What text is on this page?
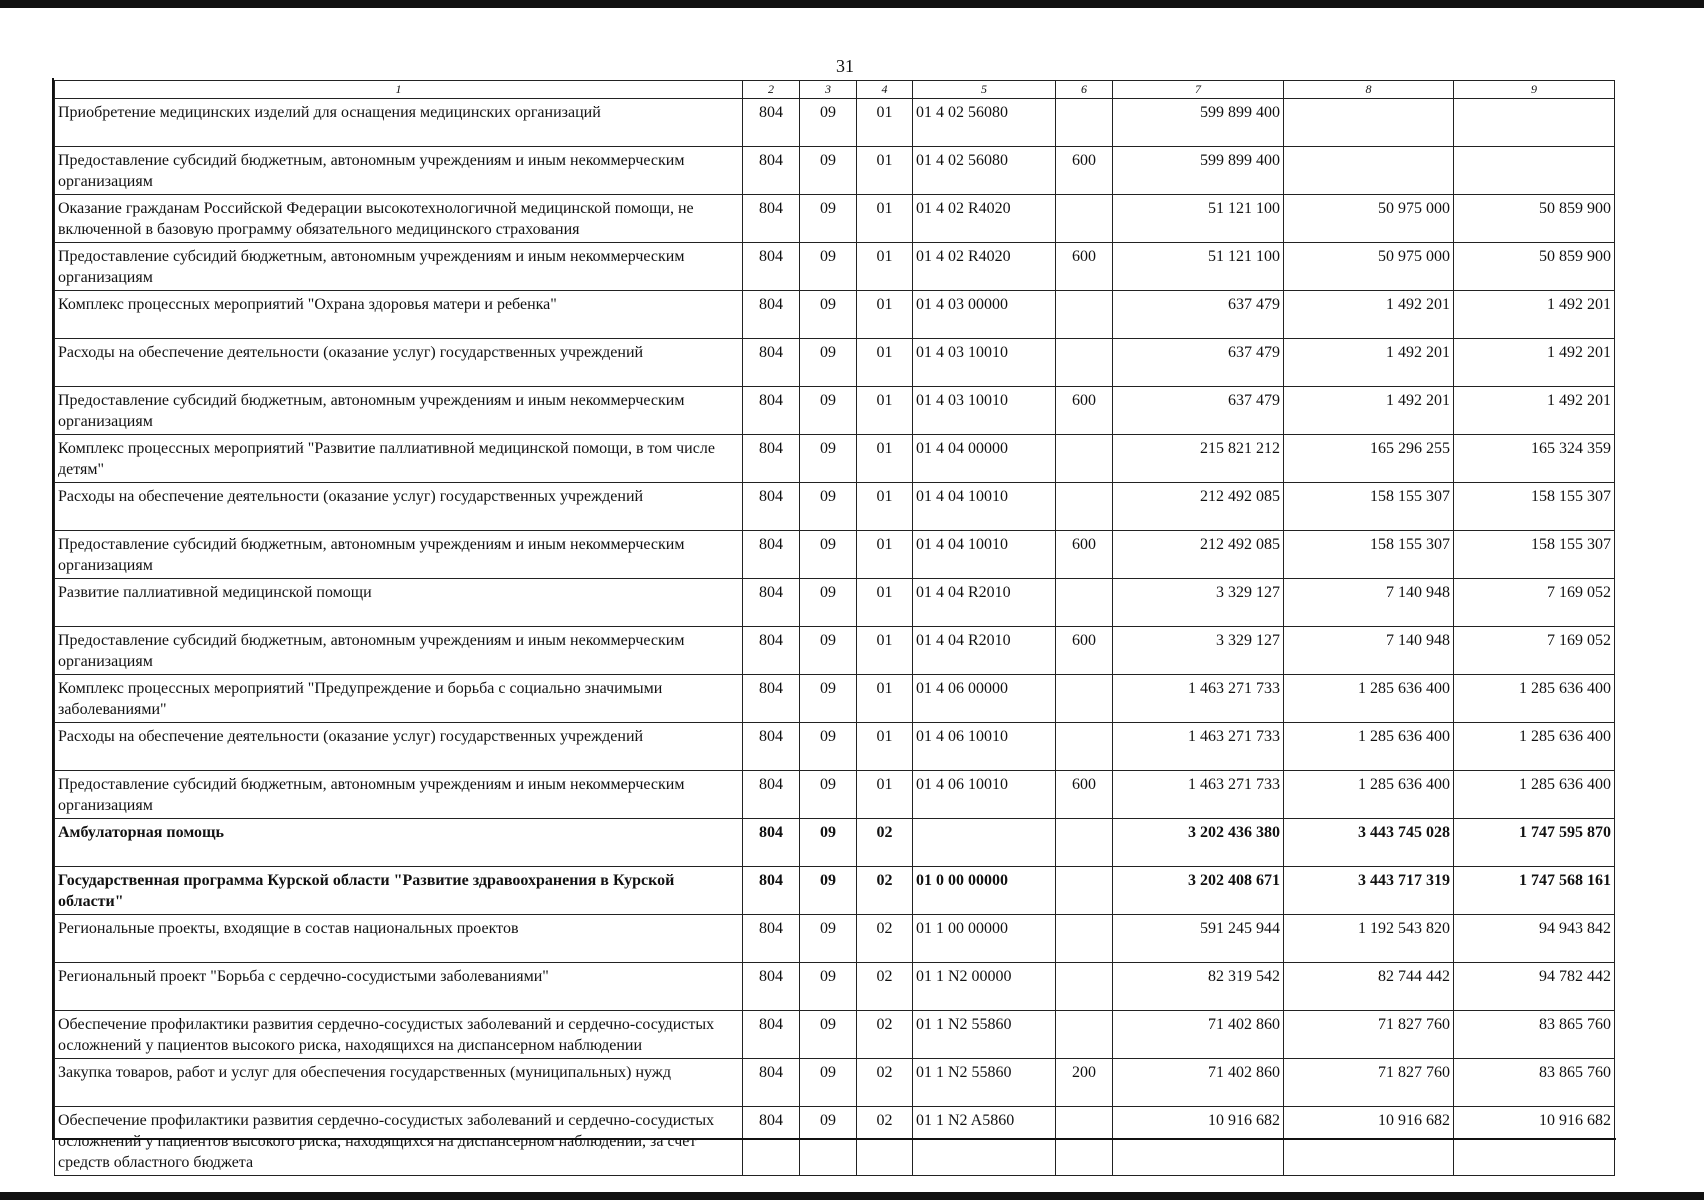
31
1	2	3	4	5	6	7	8	9
Приобретение медицинских изделий для оснащения медицинских организаций	804	09	01	01 4 02 56080		599 899 400		
Предоставление субсидий бюджетным, автономным учреждениям и иным некоммерческим организациям	804	09	01	01 4 02 56080	600	599 899 400		
Оказание гражданам Российской Федерации высокотехнологичной медицинской помощи, не включенной в базовую программу обязательного медицинского страхования	804	09	01	01 4 02 R4020		51 121 100	50 975 000	50 859 900
Предоставление субсидий бюджетным, автономным учреждениям и иным некоммерческим организациям	804	09	01	01 4 02 R4020	600	51 121 100	50 975 000	50 859 900
Комплекс процессных мероприятий "Охрана здоровья матери и ребенка"	804	09	01	01 4 03 00000		637 479	1 492 201	1 492 201
Расходы на обеспечение деятельности (оказание услуг) государственных учреждений	804	09	01	01 4 03 10010		637 479	1 492 201	1 492 201
Предоставление субсидий бюджетным, автономным учреждениям и иным некоммерческим организациям	804	09	01	01 4 03 10010	600	637 479	1 492 201	1 492 201
Комплекс процессных мероприятий "Развитие паллиативной медицинской помощи, в том числе детям"	804	09	01	01 4 04 00000		215 821 212	165 296 255	165 324 359
Расходы на обеспечение деятельности (оказание услуг) государственных учреждений	804	09	01	01 4 04 10010		212 492 085	158 155 307	158 155 307
Предоставление субсидий бюджетным, автономным учреждениям и иным некоммерческим организациям	804	09	01	01 4 04 10010	600	212 492 085	158 155 307	158 155 307
Развитие паллиативной медицинской помощи	804	09	01	01 4 04 R2010		3 329 127	7 140 948	7 169 052
Предоставление субсидий бюджетным, автономным учреждениям и иным некоммерческим организациям	804	09	01	01 4 04 R2010	600	3 329 127	7 140 948	7 169 052
Комплекс процессных мероприятий "Предупреждение и борьба с социально значимыми заболеваниями"	804	09	01	01 4 06 00000		1 463 271 733	1 285 636 400	1 285 636 400
Расходы на обеспечение деятельности (оказание услуг) государственных учреждений	804	09	01	01 4 06 10010		1 463 271 733	1 285 636 400	1 285 636 400
Предоставление субсидий бюджетным, автономным учреждениям и иным некоммерческим организациям	804	09	01	01 4 06 10010	600	1 463 271 733	1 285 636 400	1 285 636 400
Амбулаторная помощь	804	09	02			3 202 436 380	3 443 745 028	1 747 595 870
Государственная программа Курской области "Развитие здравоохранения в Курской области"	804	09	02	01 0 00 00000		3 202 408 671	3 443 717 319	1 747 568 161
Региональные проекты, входящие в состав национальных проектов	804	09	02	01 1 00 00000		591 245 944	1 192 543 820	94 943 842
Региональный проект "Борьба с сердечно-сосудистыми заболеваниями"	804	09	02	01 1 N2 00000		82 319 542	82 744 442	94 782 442
Обеспечение профилактики развития сердечно-сосудистых заболеваний и сердечно-сосудистых осложнений у пациентов высокого риска, находящихся на диспансерном наблюдении	804	09	02	01 1 N2 55860		71 402 860	71 827 760	83 865 760
Закупка товаров, работ и услуг для обеспечения государственных (муниципальных) нужд	804	09	02	01 1 N2 55860	200	71 402 860	71 827 760	83 865 760
Обеспечение профилактики развития сердечно-сосудистых заболеваний и сердечно-сосудистых осложнений у пациентов высокого риска, находящихся на диспансерном наблюдении, за счет средств областного бюджета	804	09	02	01 1 N2 A5860		10 916 682	10 916 682	10 916 682
